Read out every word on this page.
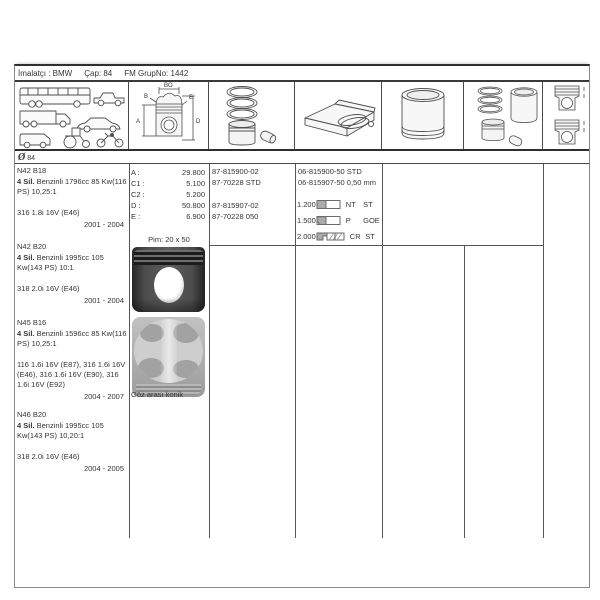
İmalatçı : BMW Çap: 84 FM GrupNo: 1442
BO
B	E
A	D
Ø 84
N42 B18
4 Sil. Benzinli 1796cc 85 Kw(116 PS) 10,25:1
316 1.8i 16V (E46)
2001 - 2004
N42 B20
4 Sil. Benzinli 1995cc 105 Kw(143 PS) 10:1
318 2.0i 16V (E46)
2001 - 2004
N45 B16
4 Sil. Benzinli 1596cc 85 Kw(116 PS) 10,25:1
116 1.6i 16V (E87), 316 1.6i 16V (E46), 316 1.6i 16V (E90), 316 1.6i 16V (E92)
2004 - 2007
N46 B20
4 Sil. Benzinli 1995cc 105 Kw(143 PS) 10,20:1
318 2.0i 16V (E46)
2004 - 2005
A :	29.800
C1 :	5.100
C2 :	5.200
D :	50.800
E :	6.900
Pim: 20 x 50
Göz arası konik
87-815900-02
87-70228 STD
87-815907-02
87-70228 050
06-815900-50 STD
06-815907-50 0,50 mm
1.200	NT ST
1.500	P	GOE
2.000	CR ST
